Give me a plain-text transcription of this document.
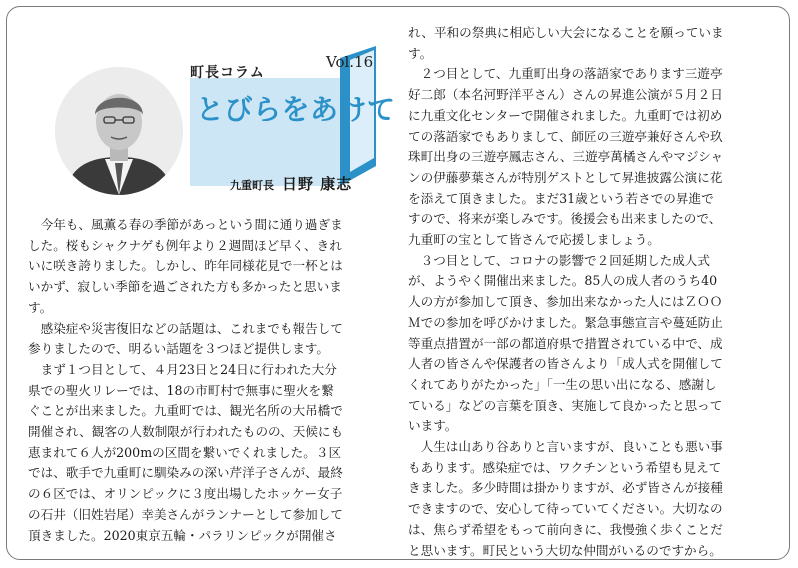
町長コラム
Vol.16
とびらをあけて
九重町長 日野 康志
　今年も、風薫る春の季節があっという間に通り過ぎま
した。桜もシャクナゲも例年より２週間ほど早く、きれ
いに咲き誇りました。しかし、昨年同様花見で一杯とは
いかず、寂しい季節を過ごされた方も多かったと思いま
す。
　感染症や災害復旧などの話題は、これまでも報告して
参りましたので、明るい話題を３つほど提供します。
　まず１つ目として、４月23日と24日に行われた大分
県での聖火リレーでは、18の市町村で無事に聖火を繋
ぐことが出来ました。九重町では、観光名所の大吊橋で
開催され、観客の人数制限が行われたものの、天候にも
恵まれて６人が200mの区間を繋いでくれました。３区
では、歌手で九重町に馴染みの深い芹洋子さんが、最終
の６区では、オリンピックに３度出場したホッケー女子
の石井（旧姓岩尾）幸美さんがランナーとして参加して
頂きました。2020東京五輪・パラリンピックが開催さ
れ、平和の祭典に相応しい大会になることを願っていま
す。
　２つ目として、九重町出身の落語家であります三遊亭
好二郎（本名河野洋平さん）さんの昇進公演が５月２日
に九重文化センターで開催されました。九重町では初め
ての落語家でもありまして、師匠の三遊亭兼好さんや玖
珠町出身の三遊亭鳳志さん、三遊亭萬橘さんやマジシャ
ンの伊藤夢葉さんが特別ゲストとして昇進披露公演に花
を添えて頂きました。まだ31歳という若さでの昇進で
すので、将来が楽しみです。後援会も出来ましたので、
九重町の宝として皆さんで応援しましょう。
　３つ目として、コロナの影響で２回延期した成人式
が、ようやく開催出来ました。85人の成人者のうち40
人の方が参加して頂き、参加出来なかった人にはＺＯＯ
Ｍでの参加を呼びかけました。緊急事態宣言や蔓延防止
等重点措置が一部の都道府県で措置されている中で、成
人者の皆さんや保護者の皆さんより「成人式を開催して
くれてありがたかった」「一生の思い出になる、感謝し
ている」などの言葉を頂き、実施して良かったと思って
います。
　人生は山あり谷ありと言いますが、良いことも悪い事
もあります。感染症では、ワクチンという希望も見えて
きました。多少時間は掛かりますが、必ず皆さんが接種
できますので、安心して待っていてください。大切なの
は、焦らず希望をもって前向きに、我慢強く歩くことだ
と思います。町民という大切な仲間がいるのですから。
